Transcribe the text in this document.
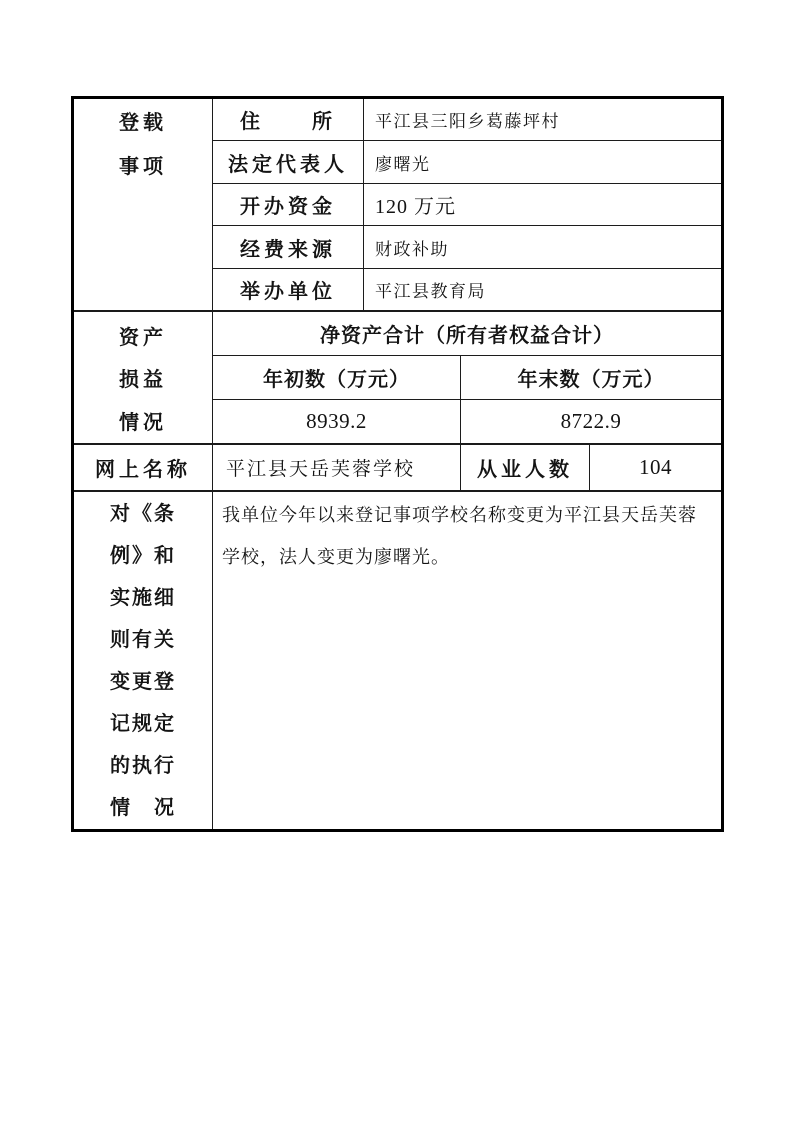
登载
事项
住　　所	平江县三阳乡葛藤坪村
法定代表人	廖曙光
开办资金	120 万元
经费来源	财政补助
举办单位	平江县教育局
资产
损益
情况
净资产合计（所有者权益合计）
年初数（万元）	年末数（万元）
8939.2	8722.9
网上名称	平江县天岳芙蓉学校	从业人数	104
对《条
例》和
实施细
则有关
变更登
记规定
的执行
情　况
我单位今年以来登记事项学校名称变更为平江县天岳芙蓉学校，法人变更为廖曙光。
